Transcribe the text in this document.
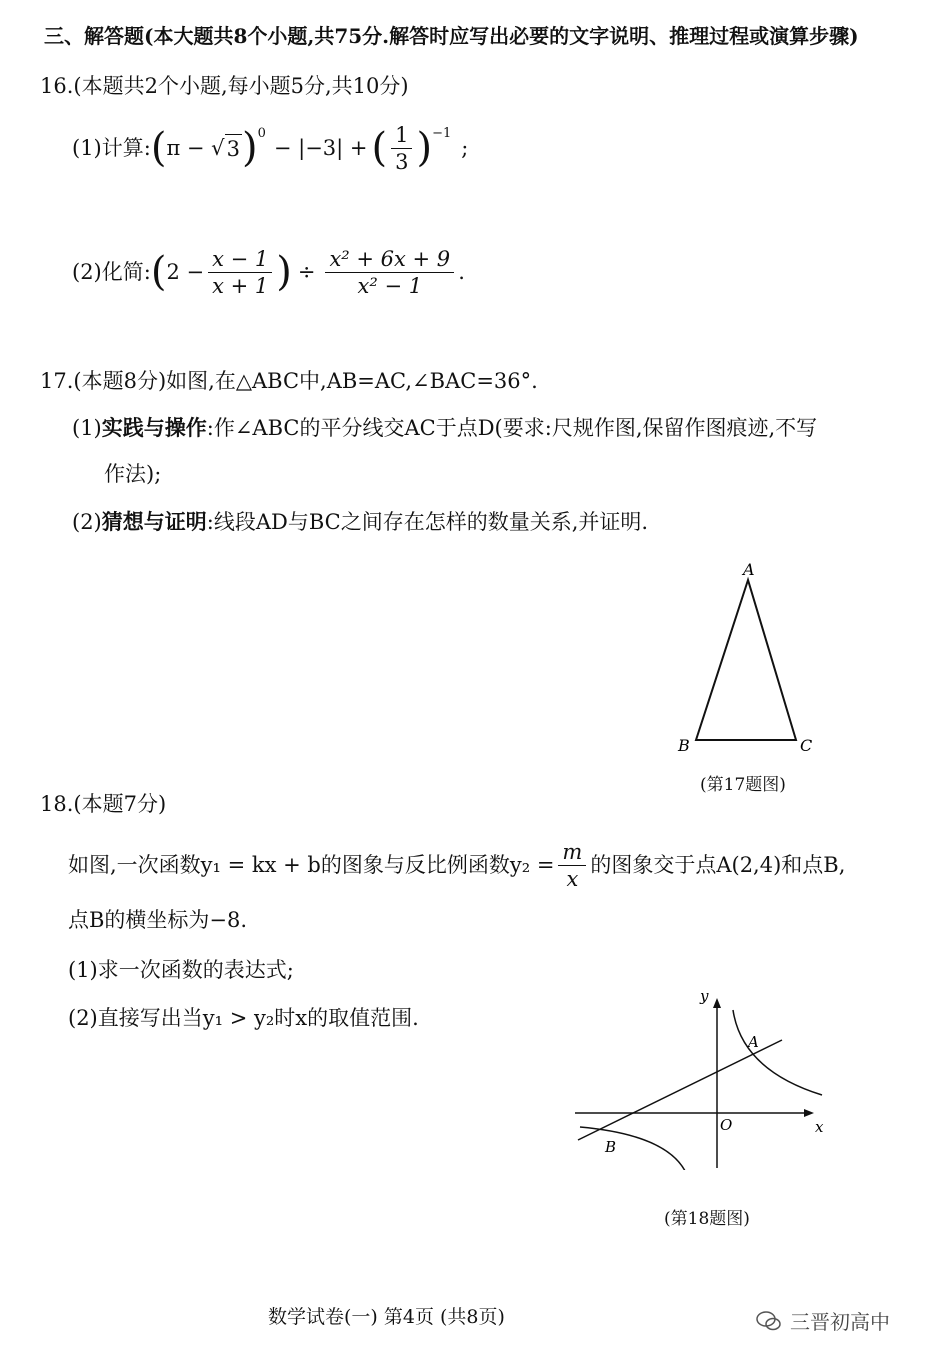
三、解答题(本大题共8个小题,共75分.解答时应写出必要的文字说明、推理过程或演算步骤)
16.(本题共2个小题,每小题5分,共10分)
(1)计算: ( π − √ 3 ) 0
− |−3| + ( $\frac{1}{3}$ ) −1
;
(2)化简: ( $2 - \frac{x - 1}{x + 1}$ ) ÷ $\frac{\text{x² + 6x + 9}}{\text{x² − 1}}$ .
17.(本题8分)如图,在△ABC中,AB=AC,∠BAC=36°.
(1)实践与操作:作∠ABC的平分线交AC于点D(要求:尺规作图,保留作图痕迹,不写
作法);
(2)猜想与证明:线段AD与BC之间存在怎样的数量关系,并证明.
A
B	C
(第17题图)
18.(本题7分)
如图,一次函数y₁ = kx + b的图象与反比例函数$y_2 = \frac{m}{x}$ 的图象交于点A(2,4)和点B,
点B的横坐标为−8.
(1)求一次函数的表达式;
(2)直接写出当y₁ > y₂时x的取值范围.
y
x
O
A
B
(第18题图)
数学试卷(一) 第4页 (共8页)	三晋初高中
